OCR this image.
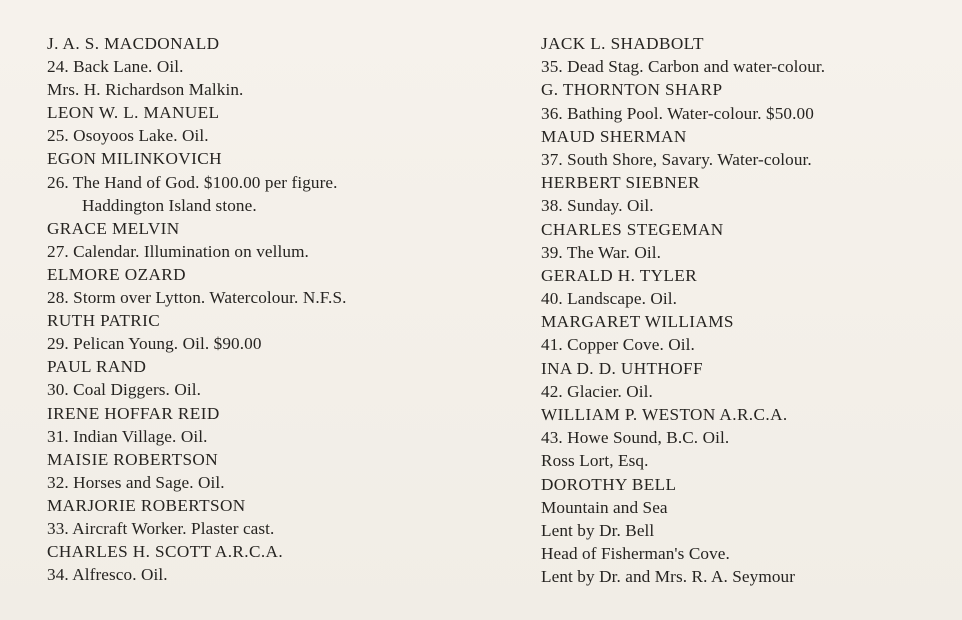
J. A. S. MACDONALD
24. Back Lane. Oil.
Mrs. H. Richardson Malkin.
LEON W. L. MANUEL
25. Osoyoos Lake. Oil.
EGON MILINKOVICH
26. The Hand of God. $100.00 per figure.
Haddington Island stone.
GRACE MELVIN
27. Calendar. Illumination on vellum.
ELMORE OZARD
28. Storm over Lytton. Watercolour. N.F.S.
RUTH PATRIC
29. Pelican Young. Oil. $90.00
PAUL RAND
30. Coal Diggers. Oil.
IRENE HOFFAR REID
31. Indian Village. Oil.
MAISIE ROBERTSON
32. Horses and Sage. Oil.
MARJORIE ROBERTSON
33. Aircraft Worker. Plaster cast.
CHARLES H. SCOTT A.R.C.A.
34. Alfresco. Oil.
JACK L. SHADBOLT
35. Dead Stag. Carbon and water-colour.
G. THORNTON SHARP
36. Bathing Pool. Water-colour. $50.00
MAUD SHERMAN
37. South Shore, Savary. Water-colour.
HERBERT SIEBNER
38. Sunday. Oil.
CHARLES STEGEMAN
39. The War. Oil.
GERALD H. TYLER
40. Landscape. Oil.
MARGARET WILLIAMS
41. Copper Cove. Oil.
INA D. D. UHTHOFF
42. Glacier. Oil.
WILLIAM P. WESTON A.R.C.A.
43. Howe Sound, B.C. Oil.
Ross Lort, Esq.
DOROTHY BELL
Mountain and Sea
Lent by Dr. Bell
Head of Fisherman's Cove.
Lent by Dr. and Mrs. R. A. Seymour
